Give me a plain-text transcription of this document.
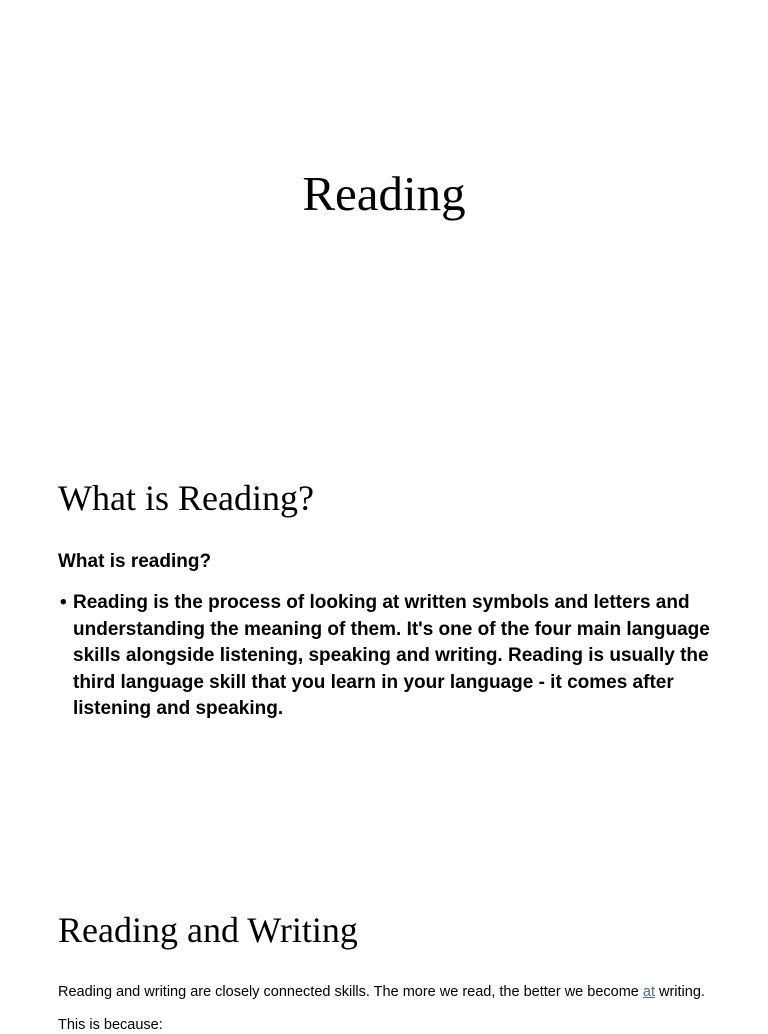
Reading
What is Reading?

What is reading?

• Reading is the process of looking at written symbols and letters and understanding the meaning of them. It's one of the four main language skills alongside listening, speaking and writing. Reading is usually the third language skill that you learn in your language - it comes after listening and speaking.
Reading and Writing

Reading and writing are closely connected skills. The more we read, the better we become at writing.

This is because:
